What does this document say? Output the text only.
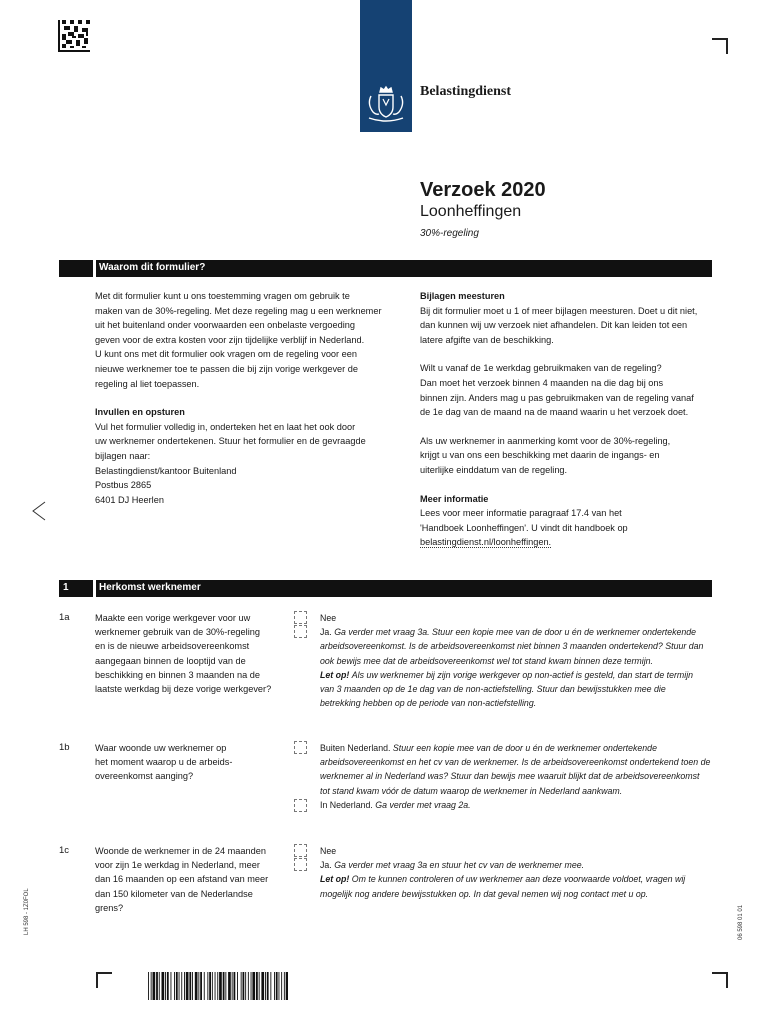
Belastingdienst
Verzoek 2020
Loonheffingen
30%-regeling
Waarom dit formulier?

Met dit formulier kunt u ons toestemming vragen om gebruik te

maken van de 30%-regeling. Met deze regeling mag u een werknemer

uit het buitenland onder voorwaarden een onbelaste vergoeding

geven voor de extra kosten voor zijn tijdelijke verblijf in Nederland.

U kunt ons met dit formulier ook vragen om de regeling voor een

nieuwe werknemer toe te passen die bij zijn vorige werkgever de

regeling al liet toepassen.

Invullen en opsturen

Vul het formulier volledig in, onderteken het en laat het ook door

uw werknemer ondertekenen. Stuur het formulier en de gevraagde

bijlagen naar:

Belastingdienst/kantoor Buitenland

Postbus 2865

6401 DJ Heerlen

Bijlagen meesturen

Bij dit formulier moet u 1 of meer bijlagen meesturen. Doet u dit niet,

dan kunnen wij uw verzoek niet afhandelen. Dit kan leiden tot een

latere afgifte van de beschikking.

Wilt u vanaf de 1e werkdag gebruikmaken van de regeling?

Dan moet het verzoek binnen 4 maanden na die dag bij ons

binnen zijn. Anders mag u pas gebruikmaken van de regeling vanaf

de 1e dag van de maand na de maand waarin u het verzoek doet.

Als uw werknemer in aanmerking komt voor de 30%-regeling,

krijgt u van ons een beschikking met daarin de ingangs- en

uiterlijke einddatum van de regeling.

Meer informatie

Lees voor meer informatie paragraaf 17.4 van het

'Handboek Loonheffingen'. U vindt dit handboek op

belastingdienst.nl/loonheffingen.

1	Herkomst werknemer
1a	Maakte een vorige werkgever voor uw

werknemer gebruik van de 30%-regeling

en is de nieuwe arbeidsovereenkomst

aangegaan binnen de looptijd van de

beschikking en binnen 3 maanden na de

laatste werkdag bij deze vorige werkgever?

Nee

Ja. Ga verder met vraag 3a. Stuur een kopie mee van de door u én de werknemer ondertekende

arbeidsovereenkomst. Is de arbeidsovereenkomst niet binnen 3 maanden ondertekend? Stuur dan

ook bewijs mee dat de arbeidsovereenkomst wel tot stand kwam binnen deze termijn.

Let op! Als uw werknemer bij zijn vorige werkgever op non-actief is gesteld, dan start de termijn

van 3 maanden op de 1e dag van de non-actiefstelling. Stuur dan bewijsstukken mee die

betrekking hebben op de periode van non-actiefstelling.

1b	Waar woonde uw werknemer op

het moment waarop u de arbeids-

overeenkomst aanging?

Buiten Nederland. Stuur een kopie mee van de door u én de werknemer ondertekende

arbeidsovereenkomst en het cv van de werknemer. Is de arbeidsovereenkomst ondertekend toen de

werknemer al in Nederland was? Stuur dan bewijs mee waaruit blijkt dat de arbeidsovereenkomst

tot stand kwam vóór de datum waarop de werknemer in Nederland aankwam.

In Nederland. Ga verder met vraag 2a.

1c	Woonde de werknemer in de 24 maanden

voor zijn 1e werkdag in Nederland, meer

dan 16 maanden op een afstand van meer

dan 150 kilometer van de Nederlandse

grens?

Nee

Ja. Ga verder met vraag 3a en stuur het cv van de werknemer mee.

Let op! Om te kunnen controleren of uw werknemer aan deze voorwaarde voldoet, vragen wij

mogelijk nog andere bewijsstukken op. In dat geval nemen wij nog contact met u op.

LH 598 - 1Z0FOL	06 598 01 01
